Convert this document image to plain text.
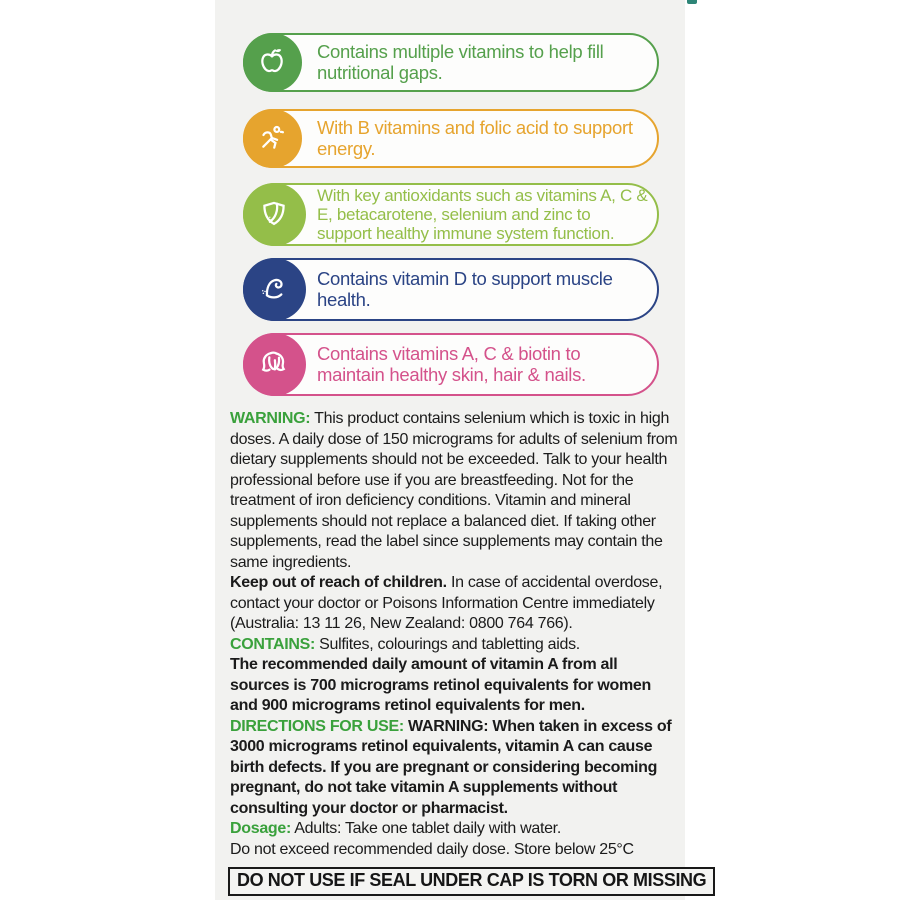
Contains multiple vitamins to help fill nutritional gaps.
With B vitamins and folic acid to support energy.
With key antioxidants such as vitamins A, C & E, betacarotene, selenium and zinc to support healthy immune system function.
Contains vitamin D to support muscle health.
Contains vitamins A, C & biotin to maintain healthy skin, hair & nails.

WARNING: This product contains selenium which is toxic in high doses. A daily dose of 150 micrograms for adults of selenium from dietary supplements should not be exceeded. Talk to your health professional before use if you are breastfeeding. Not for the treatment of iron deficiency conditions. Vitamin and mineral supplements should not replace a balanced diet. If taking other supplements, read the label since supplements may contain the same ingredients.

Keep out of reach of children. In case of accidental overdose, contact your doctor or Poisons Information Centre immediately (Australia: 13 11 26, New Zealand: 0800 764 766).

CONTAINS: Sulfites, colourings and tabletting aids.

The recommended daily amount of vitamin A from all sources is 700 micrograms retinol equivalents for women and 900 micrograms retinol equivalents for men.

DIRECTIONS FOR USE: WARNING: When taken in excess of 3000 micrograms retinol equivalents, vitamin A can cause birth defects. If you are pregnant or considering becoming pregnant, do not take vitamin A supplements without consulting your doctor or pharmacist.

Dosage: Adults: Take one tablet daily with water.

Do not exceed recommended daily dose. Store below 25°C

DO NOT USE IF SEAL UNDER CAP IS TORN OR MISSING
